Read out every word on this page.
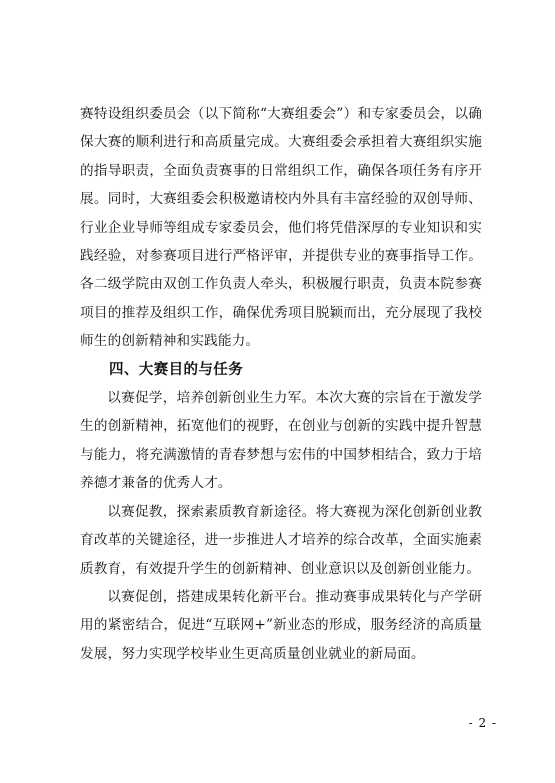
赛特设组织委员会（以下简称“大赛组委会”）和专家委员会，以确保大赛的顺利进行和高质量完成。大赛组委会承担着大赛组织实施的指导职责，全面负责赛事的日常组织工作，确保各项任务有序开展。同时，大赛组委会积极邀请校内外具有丰富经验的双创导师、行业企业导师等组成专家委员会，他们将凭借深厚的专业知识和实践经验，对参赛项目进行严格评审，并提供专业的赛事指导工作。各二级学院由双创工作负责人牵头，积极履行职责，负责本院参赛项目的推荐及组织工作，确保优秀项目脱颖而出，充分展现了我校师生的创新精神和实践能力。

四、大赛目的与任务

以赛促学，培养创新创业生力军。本次大赛的宗旨在于激发学生的创新精神，拓宽他们的视野，在创业与创新的实践中提升智慧与能力，将充满激情的青春梦想与宏伟的中国梦相结合，致力于培养德才兼备的优秀人才。

以赛促教，探索素质教育新途径。将大赛视为深化创新创业教育改革的关键途径，进一步推进人才培养的综合改革，全面实施素质教育，有效提升学生的创新精神、创业意识以及创新创业能力。

以赛促创，搭建成果转化新平台。推动赛事成果转化与产学研用的紧密结合，促进“互联网+”新业态的形成，服务经济的高质量发展，努力实现学校毕业生更高质量创业就业的新局面。

- 2 -
